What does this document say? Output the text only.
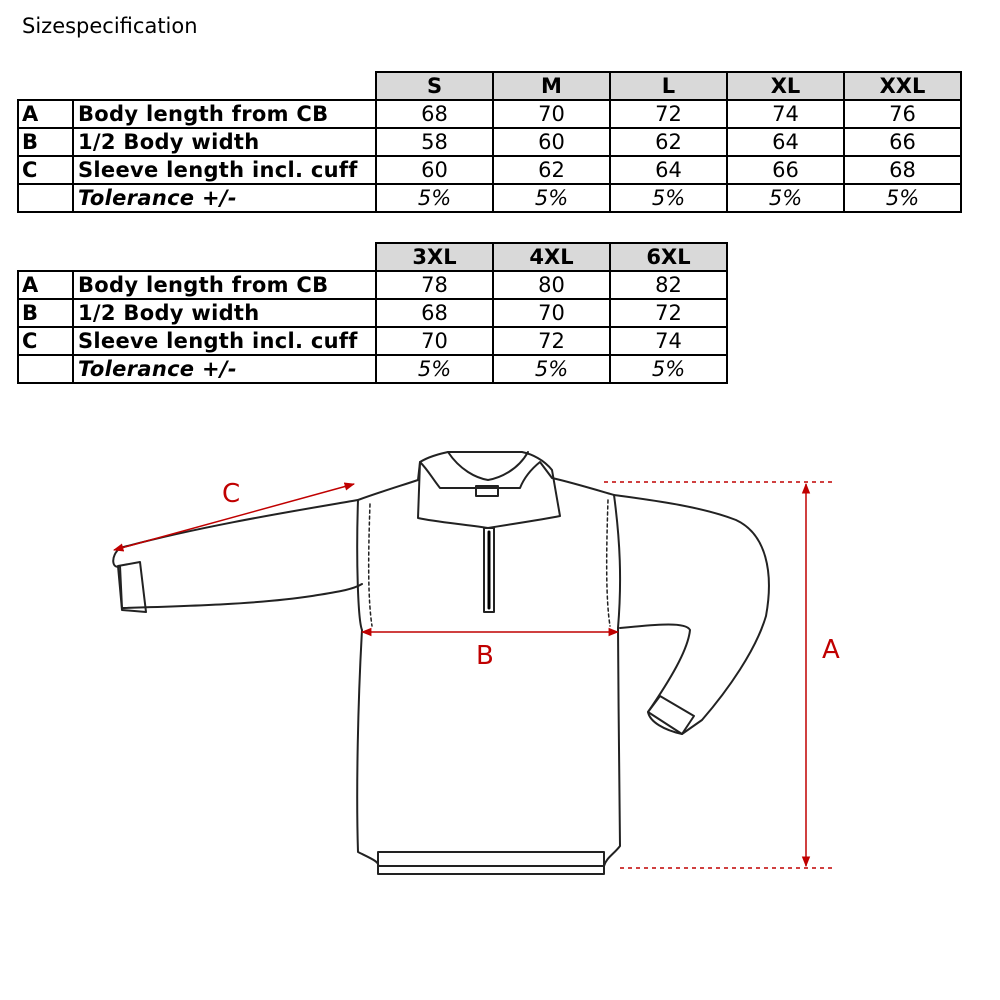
Sizespecification
		S	M	L	XL	XXL
A	Body length from CB	68	70	72	74	76
B	1/2 Body width	58	60	62	64	66
C	Sleeve length incl. cuff	60	62	64	66	68
	Tolerance +/-	5%	5%	5%	5%	5%
		3XL	4XL	6XL
A	Body length from CB	78	80	82
B	1/2 Body width	68	70	72
C	Sleeve length incl. cuff	70	72	74
	Tolerance +/-	5%	5%	5%
A
B
C
